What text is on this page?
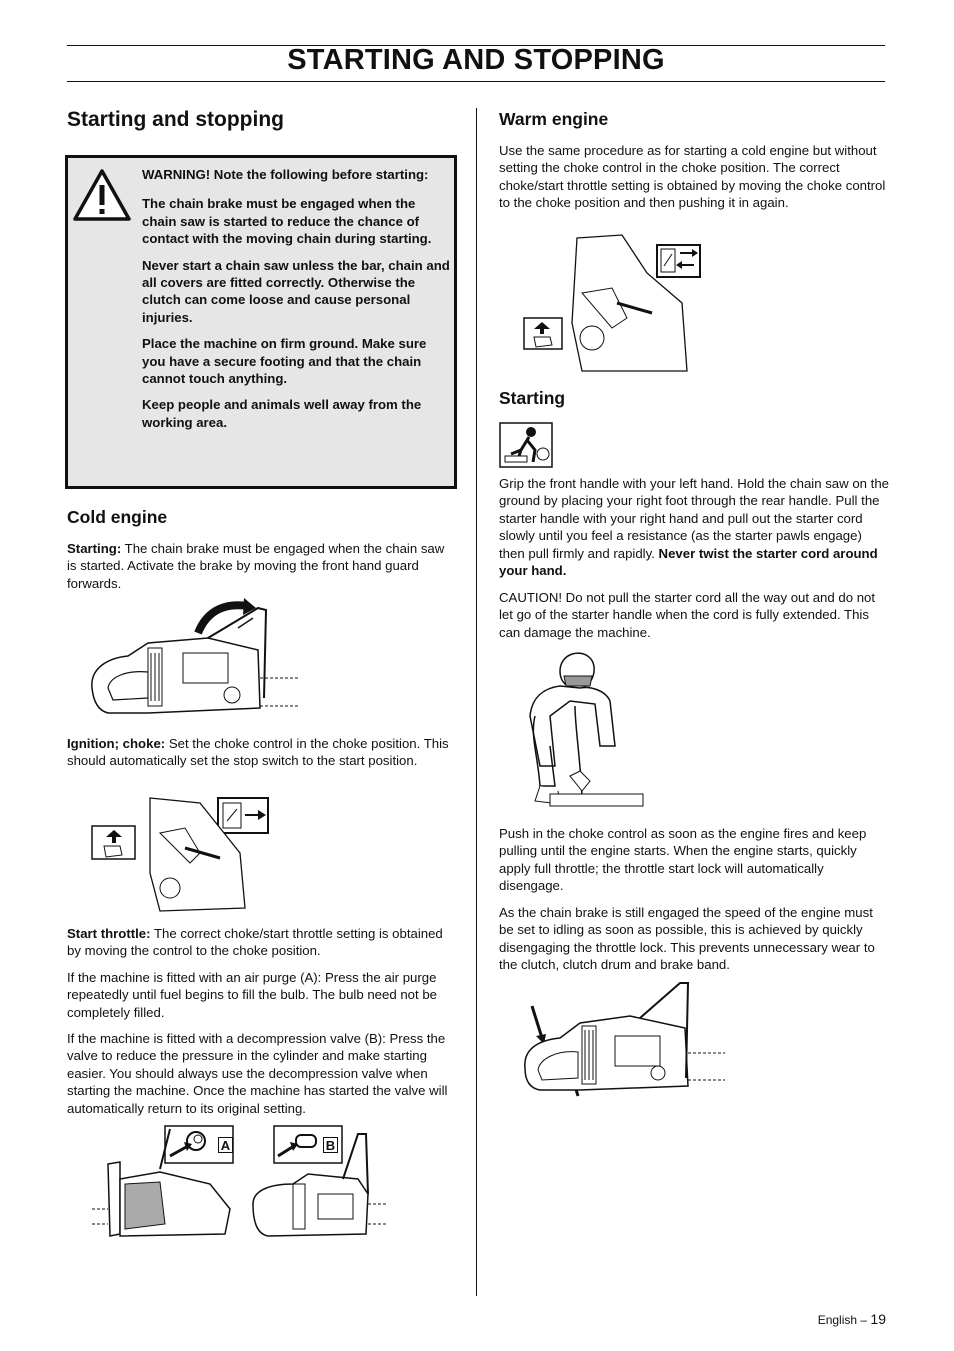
STARTING AND STOPPING
Starting and stopping

WARNING! Note the following before starting:

The chain brake must be engaged when the chain saw is started to reduce the chance of contact with the moving chain during starting.

Never start a chain saw unless the bar, chain and all covers are fitted correctly. Otherwise the clutch can come loose and cause personal injuries.

Place the machine on firm ground. Make sure you have a secure footing and that the chain cannot touch anything.

Keep people and animals well away from the working area.

Cold engine
Starting: The chain brake must be engaged when the chain saw is started. Activate the brake by moving the front hand guard forwards.
Ignition; choke: Set the choke control in the choke position. This should automatically set the stop switch to the start position.
Start throttle: The correct choke/start throttle setting is obtained by moving the control to the choke position.
If the machine is fitted with an air purge (A): Press the air purge repeatedly until fuel begins to fill the bulb. The bulb need not be completely filled.
If the machine is fitted with a decompression valve (B): Press the valve to reduce the pressure in the cylinder and make starting easier. You should always use the decompression valve when starting the machine. Once the machine has started the valve will automatically return to its original setting.
A	B
Warm engine
Use the same procedure as for starting a cold engine but without setting the choke control in the choke position. The correct choke/start throttle setting is obtained by moving the choke control to the choke position and then pushing it in again.
Starting
Grip the front handle with your left hand. Hold the chain saw on the ground by placing your right foot through the rear handle. Pull the starter handle with your right hand and pull out the starter cord slowly until you feel a resistance (as the starter pawls engage) then pull firmly and rapidly. Never twist the starter cord around your hand.
CAUTION! Do not pull the starter cord all the way out and do not let go of the starter handle when the cord is fully extended. This can damage the machine.
Push in the choke control as soon as the engine fires and keep pulling until the engine starts. When the engine starts, quickly apply full throttle; the throttle start lock will automatically disengage.
As the chain brake is still engaged the speed of the engine must be set to idling as soon as possible, this is achieved by quickly disengaging the throttle lock. This prevents unnecessary wear to the clutch, clutch drum and brake band.
English – 19
